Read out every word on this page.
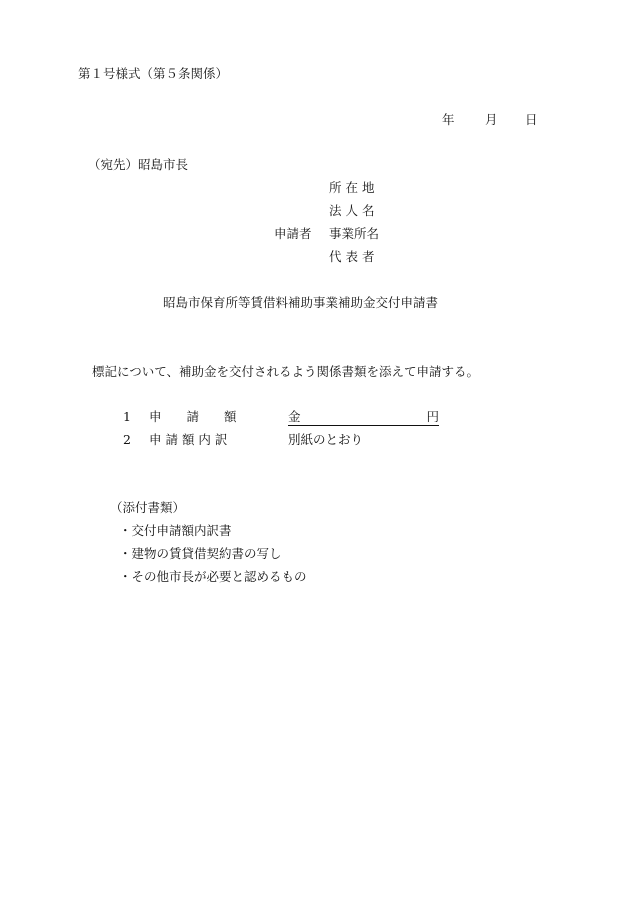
第１号様式（第５条関係）
年 月 日
（宛先）昭島市長
所 在 地
法 人 名
申請者 事業所名
代 表 者
昭島市保育所等賃借料補助事業補助金交付申請書
標記について、補助金を交付されるよう関係書類を添えて申請する。
1 申　　請　　額	金	円
2 申 請 額 内 訳	別紙のとおり
（添付書類）
・交付申請額内訳書
・建物の賃貸借契約書の写し
・その他市長が必要と認めるもの
